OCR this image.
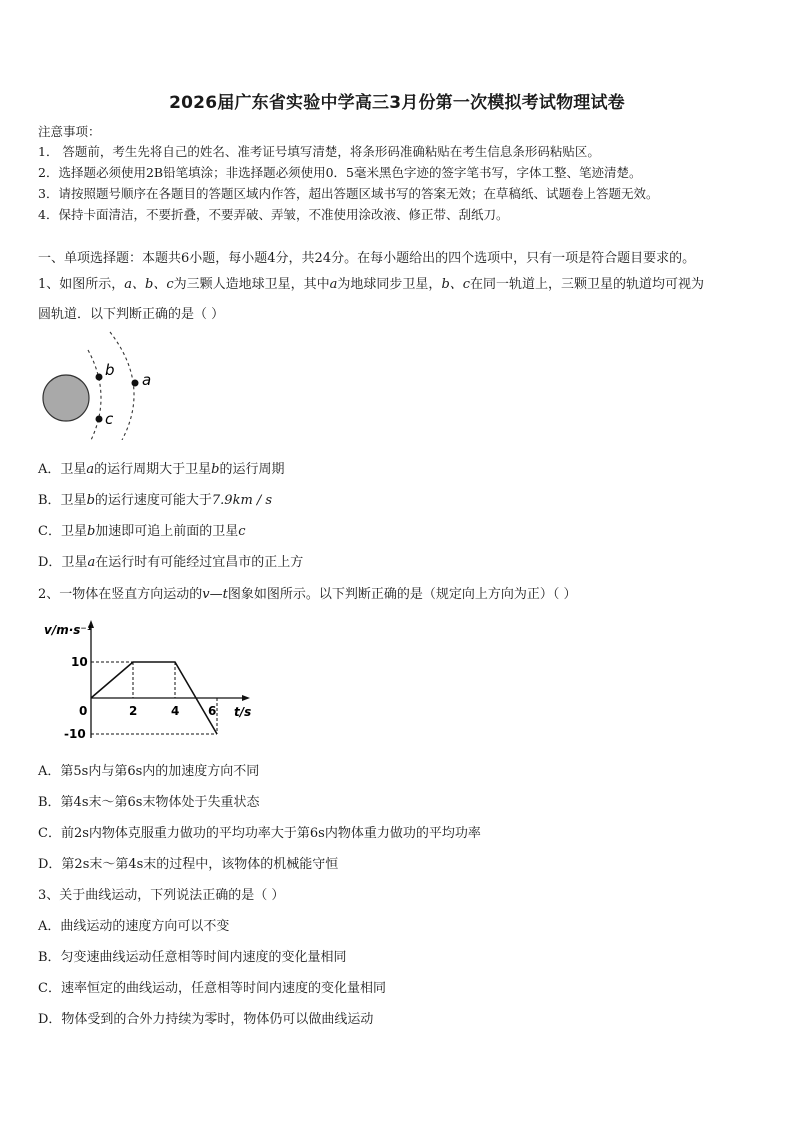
2026届广东省实验中学高三3月份第一次模拟考试物理试卷
注意事项：
1． 答题前，考生先将自己的姓名、准考证号填写清楚，将条形码准确粘贴在考生信息条形码粘贴区。
2．选择题必须使用2B铅笔填涂；非选择题必须使用0．5毫米黑色字迹的签字笔书写，字体工整、笔迹清楚。
3．请按照题号顺序在各题目的答题区域内作答，超出答题区域书写的答案无效；在草稿纸、试题卷上答题无效。
4．保持卡面清洁，不要折叠，不要弄破、弄皱，不准使用涂改液、修正带、刮纸刀。
一、单项选择题：本题共6小题，每小题4分，共24分。在每小题给出的四个选项中，只有一项是符合题目要求的。
1、如图所示，a、b、c为三颗人造地球卫星，其中a为地球同步卫星，b、c在同一轨道上，三颗卫星的轨道均可视为
圆轨道．以下判断正确的是（ ）
b
c
a
A．卫星a的运行周期大于卫星b的运行周期
B．卫星b的运行速度可能大于7.9km / s
C．卫星b加速即可追上前面的卫星c
D．卫星a在运行时有可能经过宜昌市的正上方
2、一物体在竖直方向运动的v—t图象如图所示。以下判断正确的是（规定向上方向为正）（ ）
v/m·s⁻¹
t/s
0
10
-10
2	4 6
A．第5s内与第6s内的加速度方向不同
B．第4s末～第6s末物体处于失重状态
C．前2s内物体克服重力做功的平均功率大于第6s内物体重力做功的平均功率
D．第2s末～第4s末的过程中，该物体的机械能守恒
3、关于曲线运动，下列说法正确的是（ ）
A．曲线运动的速度方向可以不变
B．匀变速曲线运动任意相等时间内速度的变化量相同
C．速率恒定的曲线运动，任意相等时间内速度的变化量相同
D．物体受到的合外力持续为零时，物体仍可以做曲线运动
